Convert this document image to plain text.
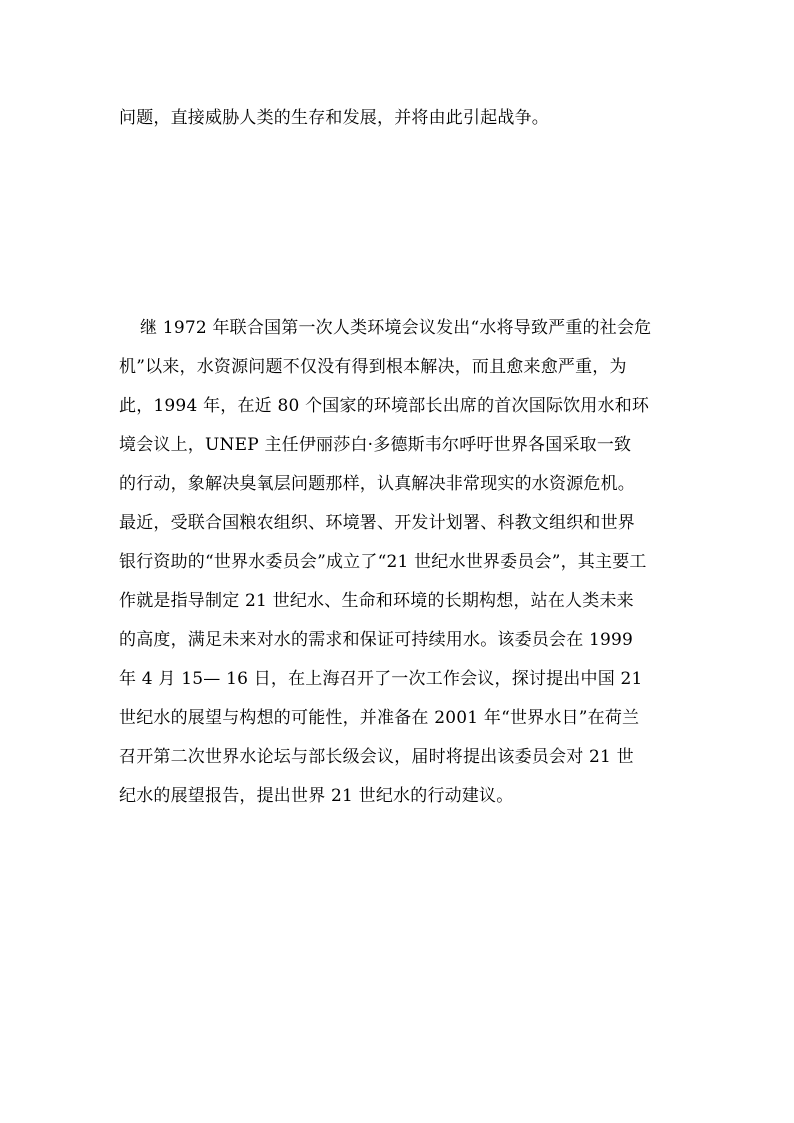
问题，直接威胁人类的生存和发展，并将由此引起战争。
继 1972 年联合国第一次人类环境会议发出“水将导致严重的社会危
机”以来，水资源问题不仅没有得到根本解决，而且愈来愈严重，为
此，1994 年，在近 80 个国家的环境部长出席的首次国际饮用水和环
境会议上，UNEP 主任伊丽莎白·多德斯韦尔呼吁世界各国采取一致
的行动，象解决臭氧层问题那样，认真解决非常现实的水资源危机。
最近，受联合国粮农组织、环境署、开发计划署、科教文组织和世界
银行资助的“世界水委员会”成立了“21 世纪水世界委员会”，其主要工
作就是指导制定 21 世纪水、生命和环境的长期构想，站在人类未来
的高度，满足未来对水的需求和保证可持续用水。该委员会在 1999
年 4 月 15— 16 日，在上海召开了一次工作会议，探讨提出中国 21
世纪水的展望与构想的可能性，并准备在 2001 年“世界水日”在荷兰
召开第二次世界水论坛与部长级会议，届时将提出该委员会对 21 世
纪水的展望报告，提出世界 21 世纪水的行动建议。
